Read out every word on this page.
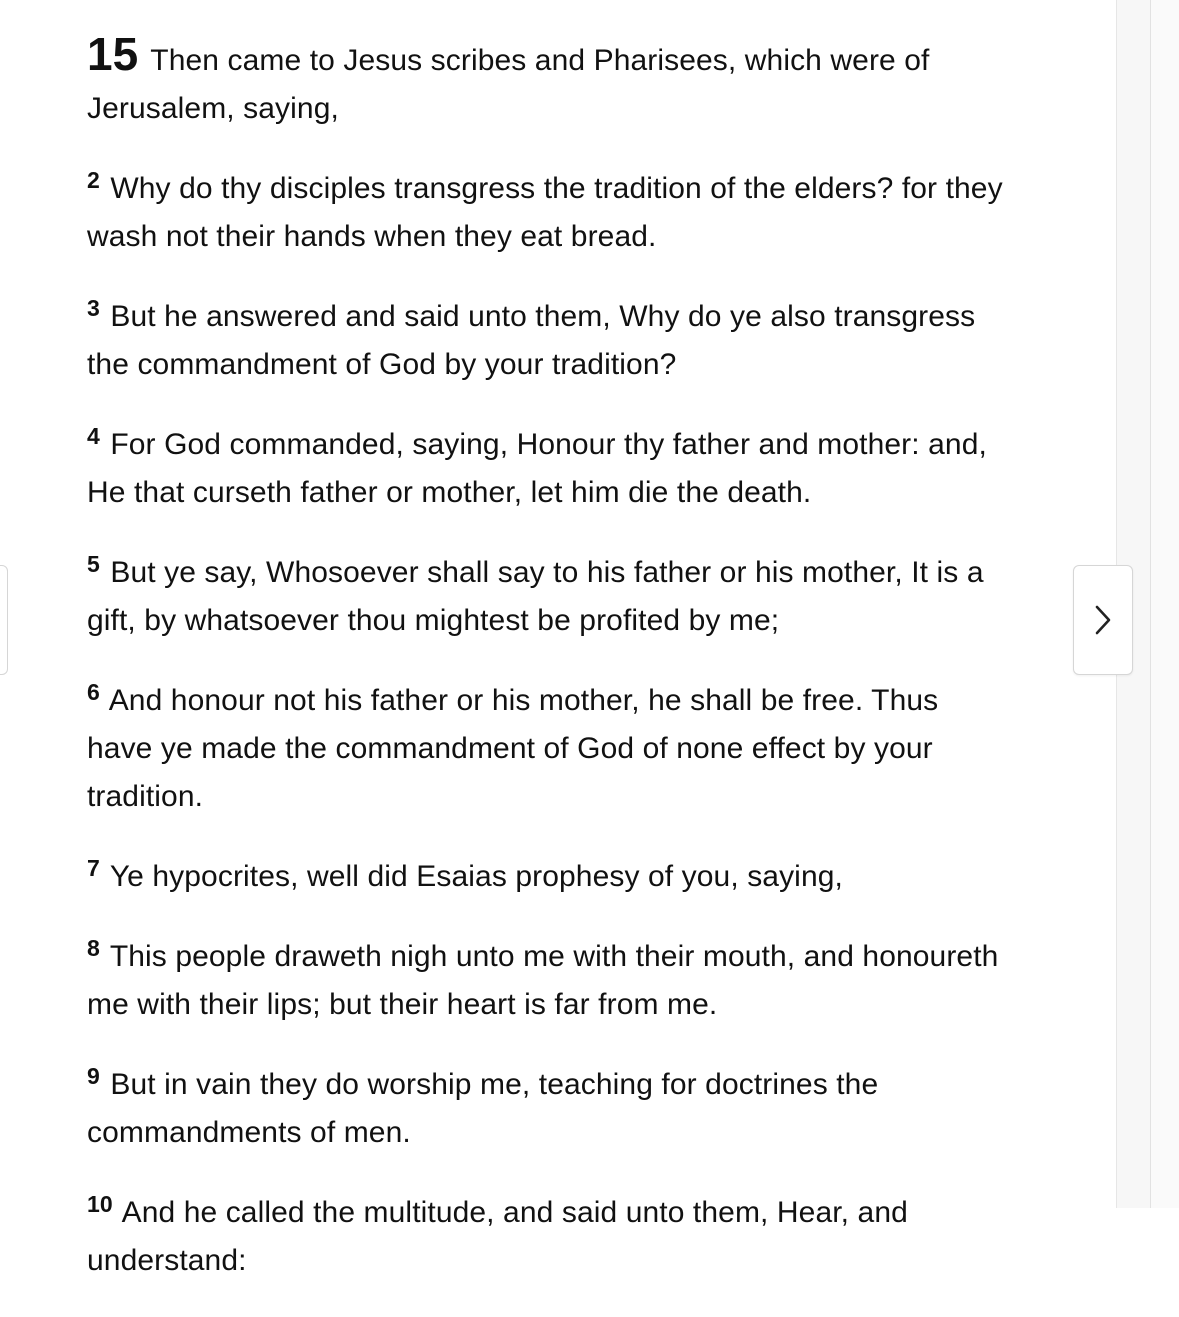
15 Then came to Jesus scribes and Pharisees, which were of Jerusalem, saying,

$^2$ Why do thy disciples transgress the tradition of the elders? for they wash not their hands when they eat bread.

$^3$ But he answered and said unto them, Why do ye also transgress the commandment of God by your tradition?

$^4$ For God commanded, saying, Honour thy father and mother: and, He that curseth father or mother, let him die the death.

$^5$ But ye say, Whosoever shall say to his father or his mother, It is a gift, by whatsoever thou mightest be profited by me;

$^6$ And honour not his father or his mother, he shall be free. Thus have ye made the commandment of God of none effect by your tradition.

$^7$ Ye hypocrites, well did Esaias prophesy of you, saying,

$^8$ This people draweth nigh unto me with their mouth, and honoureth me with their lips; but their heart is far from me.

$^9$ But in vain they do worship me, teaching for doctrines the commandments of men.

$^{10}$ And he called the multitude, and said unto them, Hear, and understand:
